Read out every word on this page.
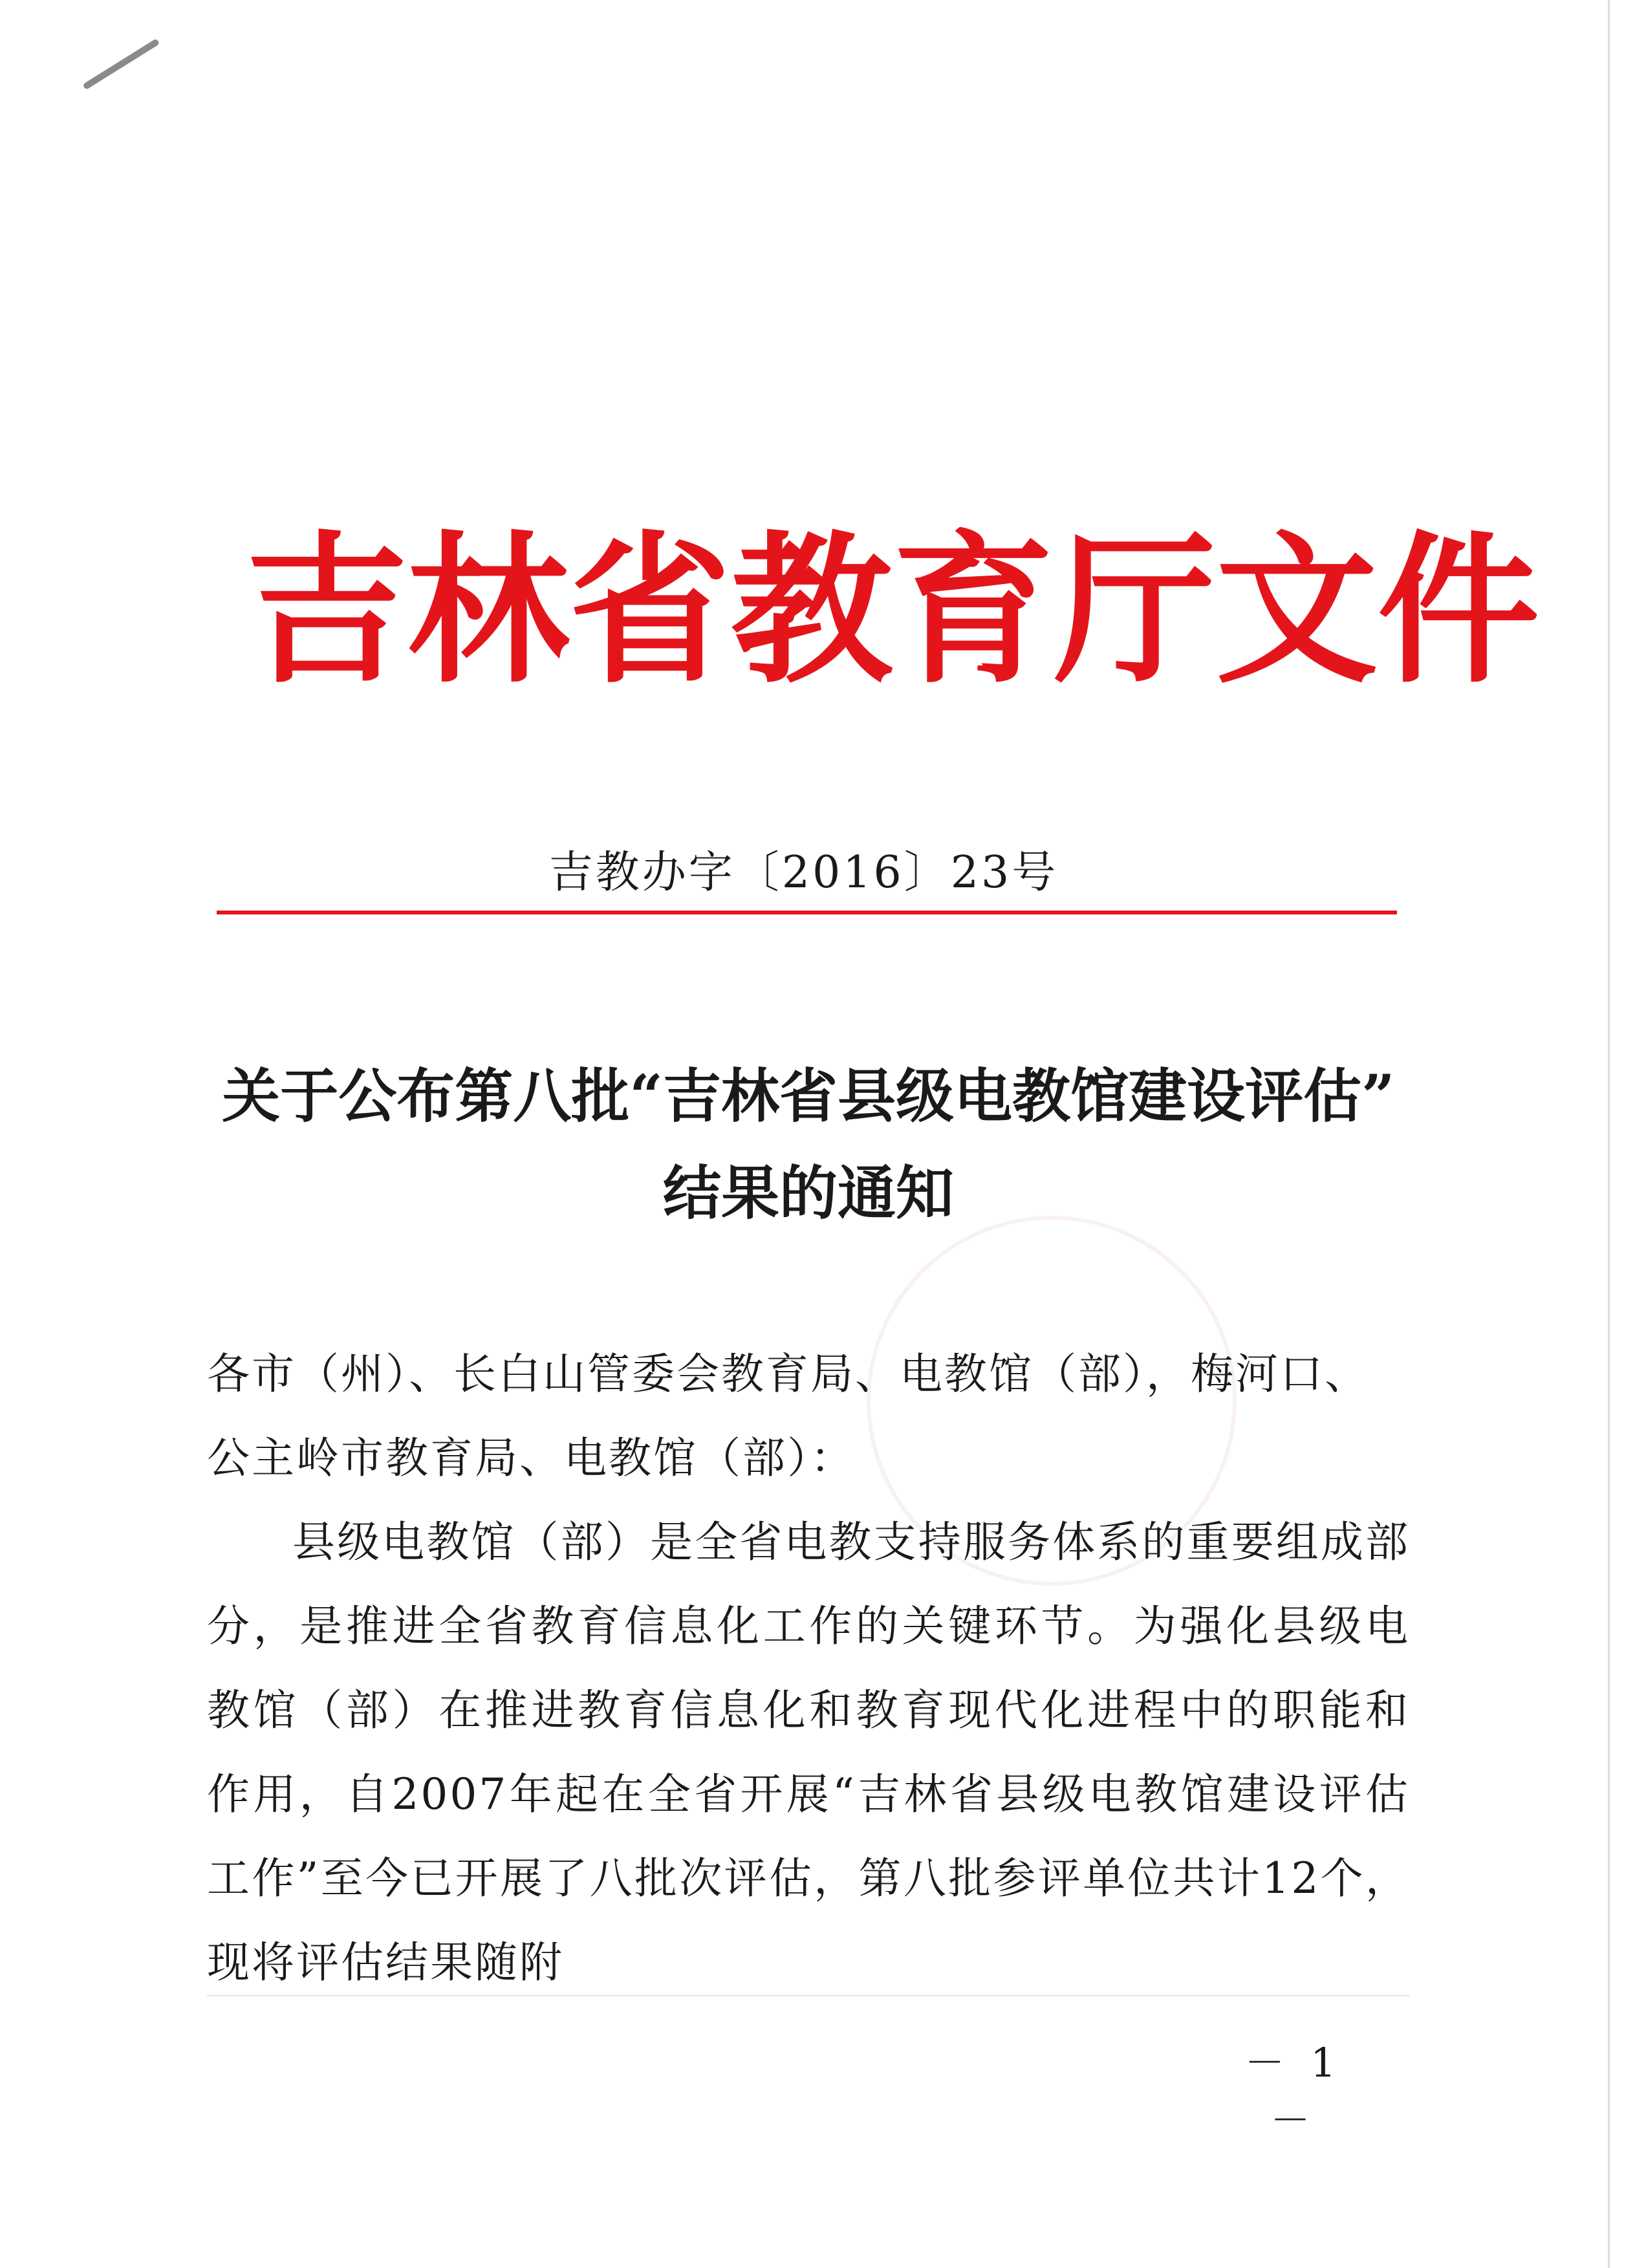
吉 林 省 教 育 厅 文 件
吉教办字〔2016〕23号
关于公布第八批“吉林省县级电教馆建设评估”
结果的通知

各市（州）、长白山管委会教育局、电教馆（部），梅河口、公主岭市教育局、电教馆（部）：

县级电教馆（部）是全省电教支持服务体系的重要组成部分，是推进全省教育信息化工作的关键环节。为强化县级电教馆（部）在推进教育信息化和教育现代化进程中的职能和作用，自2007年起在全省开展“吉林省县级电教馆建设评估工作”至今已开展了八批次评估，第八批参评单位共计12个，现将评估结果随附

－ 1 －
